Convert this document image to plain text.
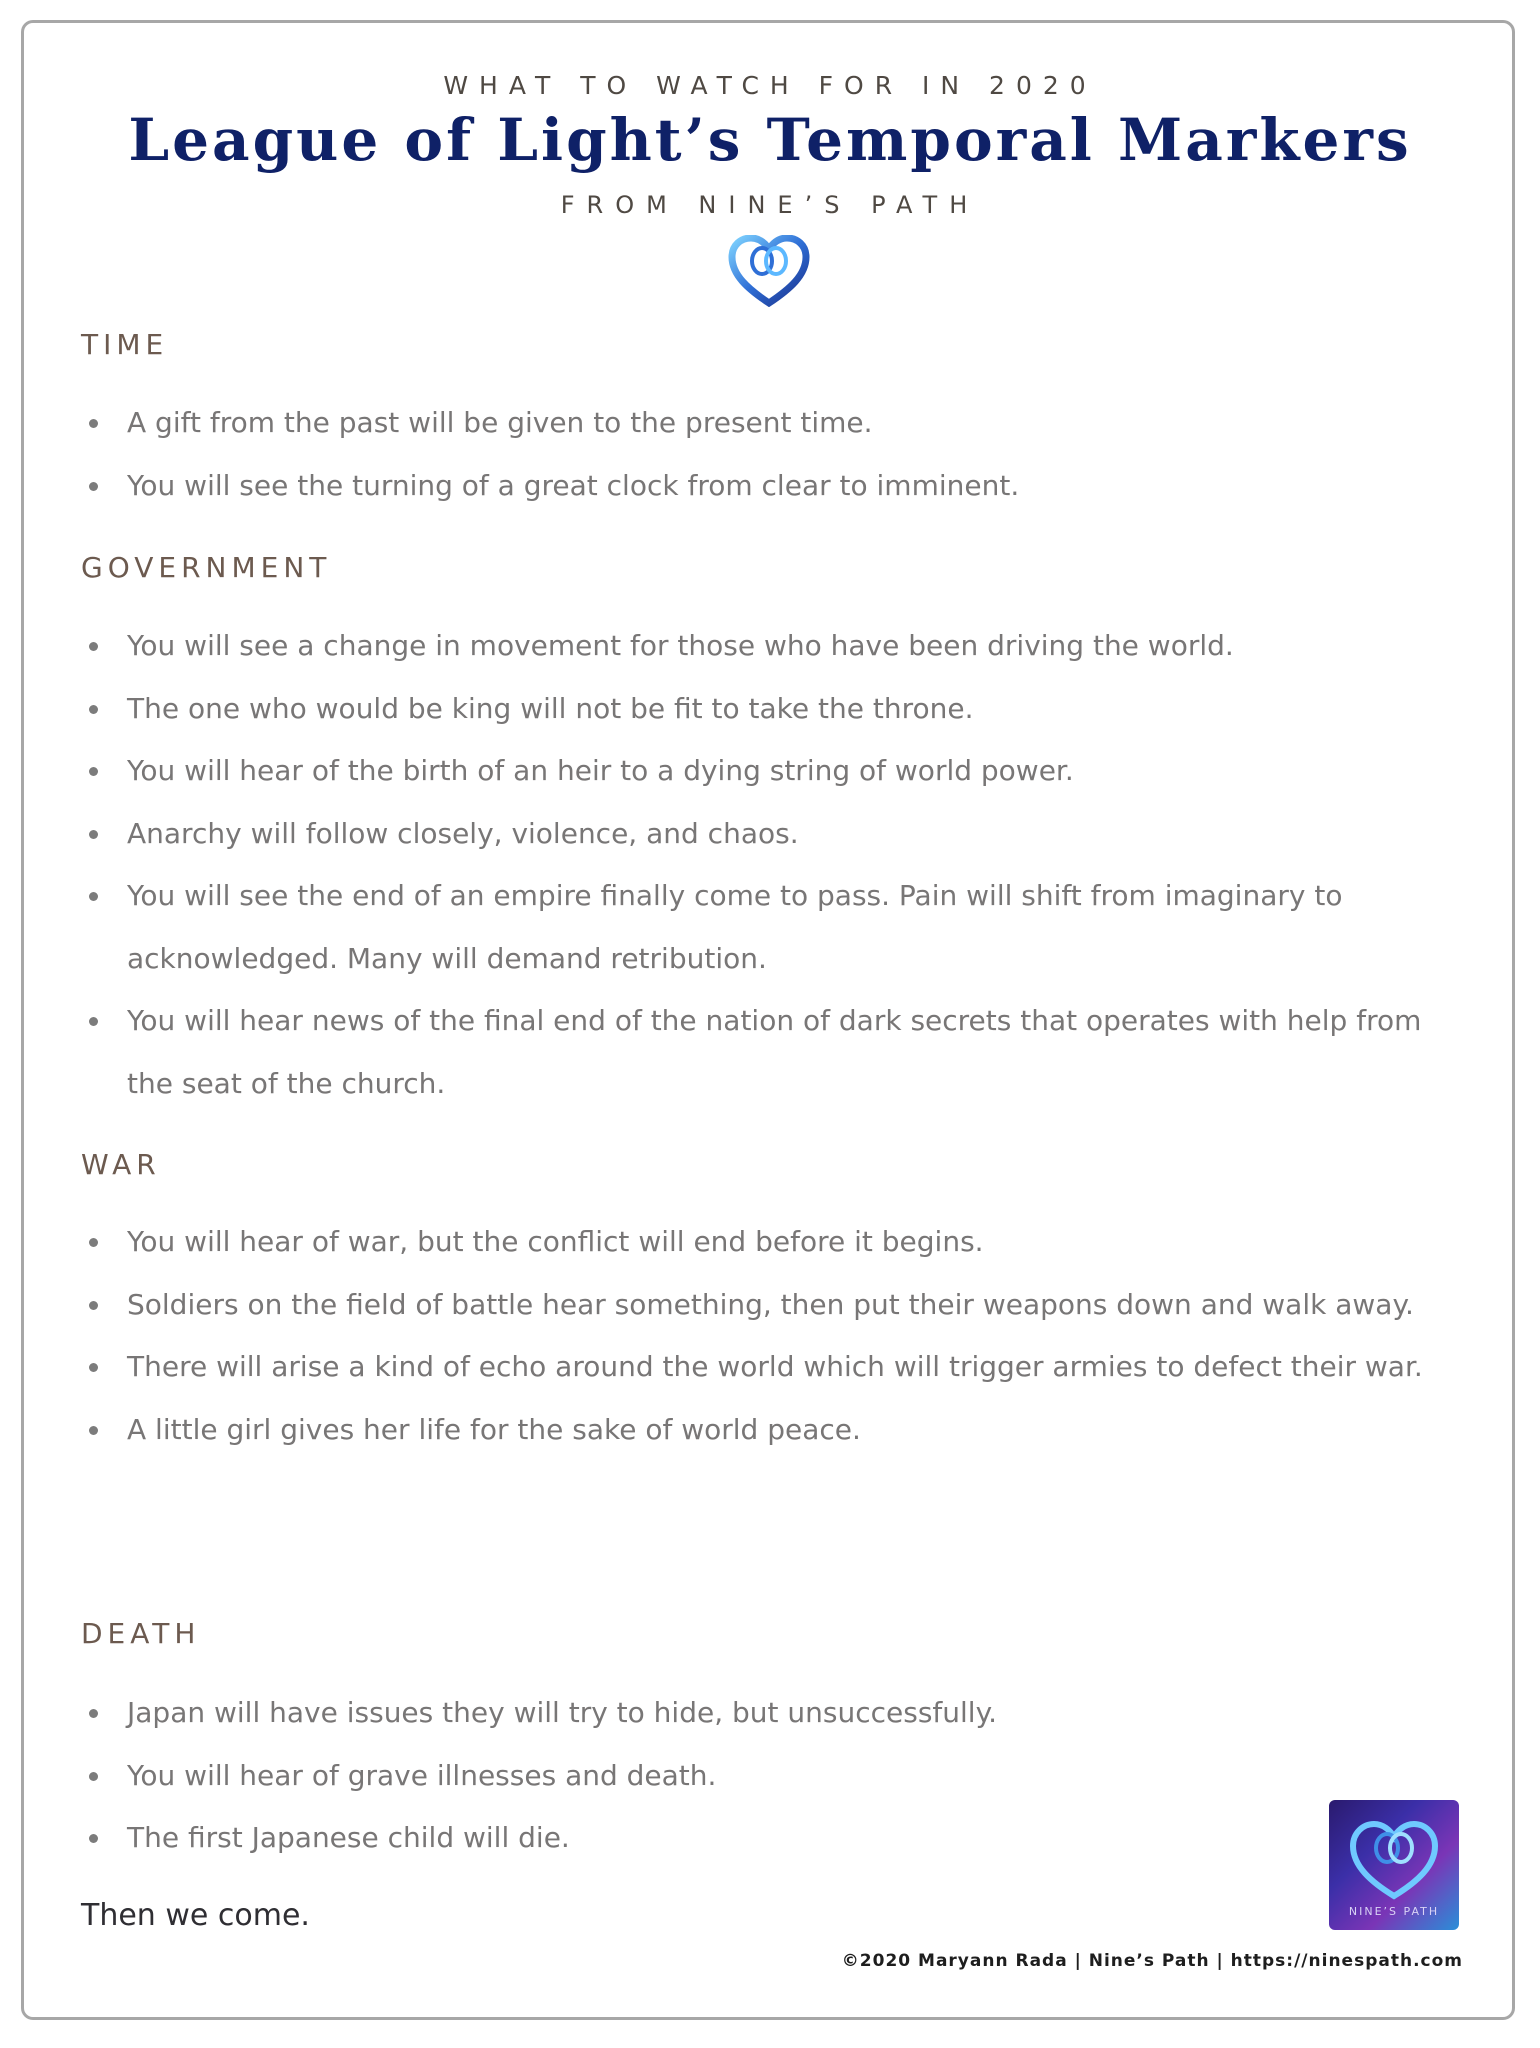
WHAT TO WATCH FOR IN 2020
League of Light’s Temporal Markers
FROM NINE’S PATH
TIME
A gift from the past will be given to the present time.
You will see the turning of a great clock from clear to imminent.
GOVERNMENT
You will see a change in movement for those who have been driving the world.
The one who would be king will not be fit to take the throne.
You will hear of the birth of an heir to a dying string of world power.
Anarchy will follow closely, violence, and chaos.
You will see the end of an empire finally come to pass. Pain will shift from imaginary to acknowledged. Many will demand retribution.
You will hear news of the final end of the nation of dark secrets that operates with help from the seat of the church.
WAR
You will hear of war, but the conflict will end before it begins.
Soldiers on the field of battle hear something, then put their weapons down and walk away.
There will arise a kind of echo around the world which will trigger armies to defect their war.
A little girl gives her life for the sake of world peace.
DEATH
Japan will have issues they will try to hide, but unsuccessfully.
You will hear of grave illnesses and death.
The first Japanese child will die.
Then we come.	NINE’S PATH
©2020 Maryann Rada | Nine’s Path | https://ninespath.com
